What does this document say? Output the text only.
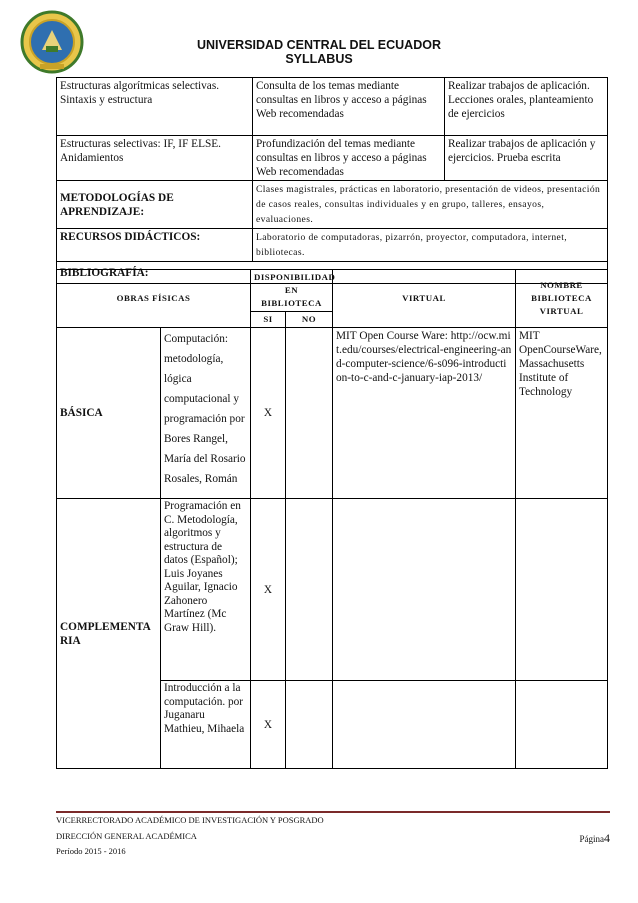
UNIVERSIDAD CENTRAL DEL ECUADOR
SYLLABUS
Estructuras algorítmicas selectivas. Sintaxis y estructura	Consulta de los temas mediante consultas en libros y acceso a páginas Web recomendadas	Realizar trabajos de aplicación. Lecciones orales, planteamiento de ejercicios
Estructuras selectivas: IF, IF ELSE. Anidamientos	Profundización del temas mediante consultas en libros y acceso a páginas Web recomendadas	Realizar trabajos de aplicación y ejercicios. Prueba escrita
METODOLOGÍAS DE APRENDIZAJE:	Clases magistrales, prácticas en laboratorio, presentación de videos, presentación de casos reales, consultas individuales y en grupo, talleres, ensayos, evaluaciones.	
RECURSOS DIDÁCTICOS:	Laboratorio de computadoras, pizarrón, proyector, computadora, internet, bibliotecas.	
BIBLIOGRAFÍA:		
OBRAS FÍSICAS		DISPONIBILIDAD EN BIBLIOTECA		VIRTUAL	NOMBRE BIBLIOTECA VIRTUAL
		SI	NO		
BÁSICA	Computación: metodología, lógica computacional y programación por Bores Rangel, María del Rosario Rosales, Román	X		MIT Open Course Ware: http://ocw.mit.edu/courses/electrical-engineering-and-computer-science/6-s096-introduction-to-c-and-c-january-iap-2013/	MIT OpenCourseWare, Massachusetts Institute of Technology
COMPLEMENTARIA	Programación en C. Metodología, algoritmos y estructura de datos (Español); Luis Joyanes Aguilar, Ignacio Zahonero Martínez (Mc Graw Hill).	X			
	Introducción a la computación. por Juganaru Mathieu, Mihaela	X			
VICERRECTORADO ACADÉMICO DE INVESTIGACIÓN Y POSGRADO
DIRECCIÓN GENERAL ACADÉMICA
Período 2015 - 2016
Página4
